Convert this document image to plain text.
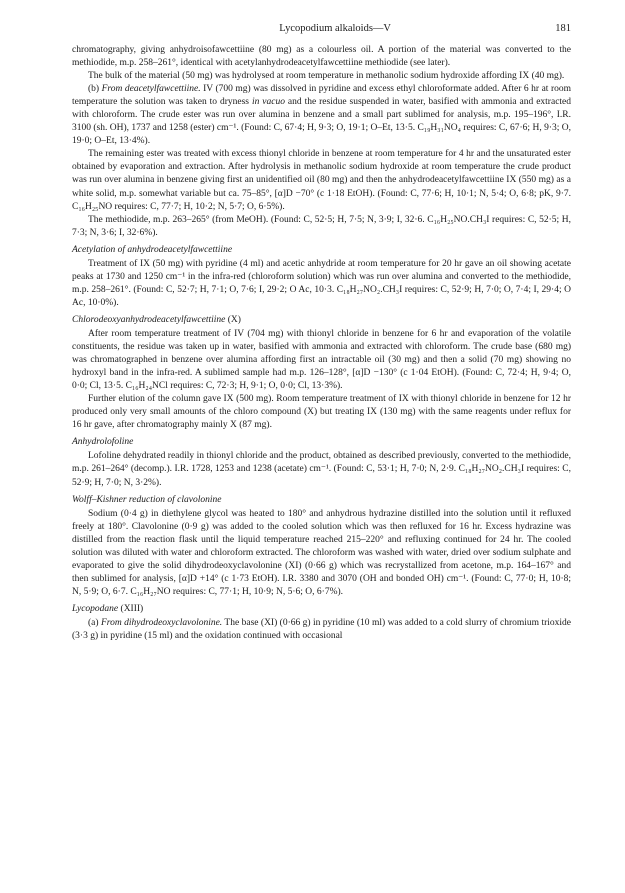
Lycopodium alkaloids—V	181

chromatography, giving anhydroisofawcettiine (80 mg) as a colourless oil. A portion of the material was converted to the methiodide, m.p. 258–261°, identical with acetylanhydrodeacetylfawcettiine methiodide (see later).

The bulk of the material (50 mg) was hydrolysed at room temperature in methanolic sodium hydroxide affording IX (40 mg).

(b) From deacetylfawcettiine. IV (700 mg) was dissolved in pyridine and excess ethyl chloroformate added. After 6 hr at room temperature the solution was taken to dryness in vacuo and the residue suspended in water, basified with ammonia and extracted with chloroform. The crude ester was run over alumina in benzene and a small part sublimed for analysis, m.p. 195–196°, I.R. 3100 (sh. OH), 1737 and 1258 (ester) cm⁻¹. (Found: C, 67·4; H, 9·3; O, 19·1; O–Et, 13·5. C₁₉H₃₁NO₄ requires: C, 67·6; H, 9·3; O, 19·0; O–Et, 13·4%).

The remaining ester was treated with excess thionyl chloride in benzene at room temperature for 4 hr and the unsaturated ester obtained by evaporation and extraction. After hydrolysis in methanolic sodium hydroxide at room temperature the crude product was run over alumina in benzene giving first an unidentified oil (80 mg) and then the anhydrodeacetylfawcettiine IX (550 mg) as a white solid, m.p. somewhat variable but ca. 75–85°, [α]D −70° (c 1·18 EtOH). (Found: C, 77·6; H, 10·1; N, 5·4; O, 6·8; pK, 9·7. C₁₆H₂₅NO requires: C, 77·7; H, 10·2; N, 5·7; O, 6·5%).

The methiodide, m.p. 263–265° (from MeOH). (Found: C, 52·5; H, 7·5; N, 3·9; I, 32·6. C₁₆H₂₅NO.CH₃I requires: C, 52·5; H, 7·3; N, 3·6; I, 32·6%).

Acetylation of anhydrodeacetylfawcettiine

Treatment of IX (50 mg) with pyridine (4 ml) and acetic anhydride at room temperature for 20 hr gave an oil showing acetate peaks at 1730 and 1250 cm⁻¹ in the infra-red (chloroform solution) which was run over alumina and converted to the methiodide, m.p. 258–261°. (Found: C, 52·7; H, 7·1; O, 7·6; I, 29·2; O Ac, 10·3. C₁₈H₂₇NO₂.CH₃I requires: C, 52·9; H, 7·0; O, 7·4; I, 29·4; O Ac, 10·0%).

Chlorodeoxyanhydrodeacetylfawcettiine (X)

After room temperature treatment of IV (704 mg) with thionyl chloride in benzene for 6 hr and evaporation of the volatile constituents, the residue was taken up in water, basified with ammonia and extracted with chloroform. The crude base (680 mg) was chromatographed in benzene over alumina affording first an intractable oil (30 mg) and then a solid (70 mg) showing no hydroxyl band in the infra-red. A sublimed sample had m.p. 126–128°, [α]D −130° (c 1·04 EtOH). (Found: C, 72·4; H, 9·4; O, 0·0; Cl, 13·5. C₁₆H₂₄NCl requires: C, 72·3; H, 9·1; O, 0·0; Cl, 13·3%).

Further elution of the column gave IX (500 mg). Room temperature treatment of IX with thionyl chloride in benzene for 12 hr produced only very small amounts of the chloro compound (X) but treating IX (130 mg) with the same reagents under reflux for 16 hr gave, after chromatography mainly X (87 mg).

Anhydrolofoline

Lofoline dehydrated readily in thionyl chloride and the product, obtained as described previously, converted to the methiodide, m.p. 261–264° (decomp.). I.R. 1728, 1253 and 1238 (acetate) cm⁻¹. (Found: C, 53·1; H, 7·0; N, 2·9. C₁₈H₂₇NO₂.CH₃I requires: C, 52·9; H, 7·0; N, 3·2%).

Wolff–Kishner reduction of clavolonine

Sodium (0·4 g) in diethylene glycol was heated to 180° and anhydrous hydrazine distilled into the solution until it refluxed freely at 180°. Clavolonine (0·9 g) was added to the cooled solution which was then refluxed for 16 hr. Excess hydrazine was distilled from the reaction flask until the liquid temperature reached 215–220° and refluxing continued for 24 hr. The cooled solution was diluted with water and chloroform extracted. The chloroform was washed with water, dried over sodium sulphate and evaporated to give the solid dihydrodeoxyclavolonine (XI) (0·66 g) which was recrystallized from acetone, m.p. 164–167° and then sublimed for analysis, [α]D +14° (c 1·73 EtOH). I.R. 3380 and 3070 (OH and bonded OH) cm⁻¹. (Found: C, 77·0; H, 10·8; N, 5·9; O, 6·7. C₁₆H₂₇NO requires: C, 77·1; H, 10·9; N, 5·6; O, 6·7%).

Lycopodane (XIII)

(a) From dihydrodeoxyclavolonine. The base (XI) (0·66 g) in pyridine (10 ml) was added to a cold slurry of chromium trioxide (3·3 g) in pyridine (15 ml) and the oxidation continued with occasional
